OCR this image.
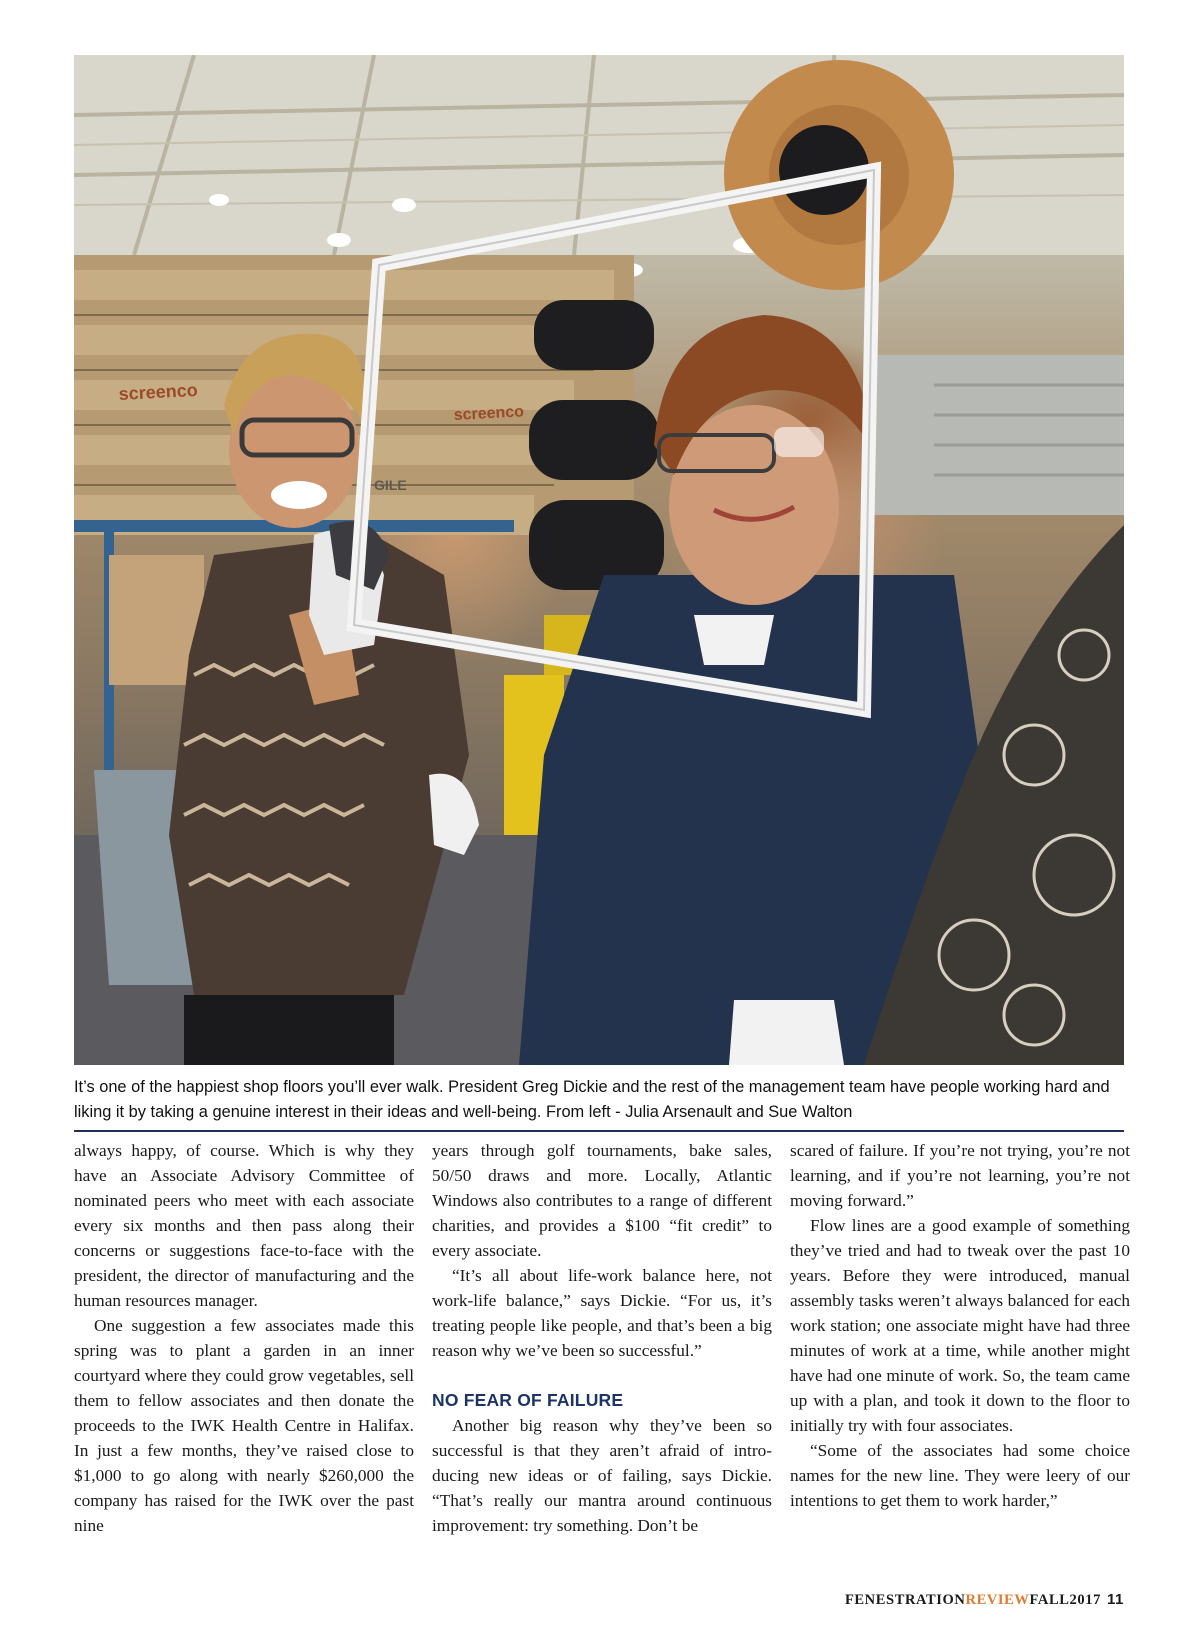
screenco
screenco
GILE

It’s one of the happiest shop floors you’ll ever walk. President Greg Dickie and the rest of the management team have people working hard and liking it by taking a genuine interest in their ideas and well-being. From left - Julia Arsenault and Sue Walton

always happy, of course. Which is why they have an Associate Advisory Committee of nominated peers who meet with each associate every six months and then pass along their concerns or suggestions face-to-face with the president, the director of manufacturing and the human resources manager.

One suggestion a few associates made this spring was to plant a garden in an inner courtyard where they could grow vegetables, sell them to fellow associates and then donate the proceeds to the IWK Health Centre in Halifax. In just a few months, they’ve raised close to $1,000 to go along with nearly $260,000 the company has raised for the IWK over the past nine

years through golf tournaments, bake sales, 50/50 draws and more. Locally, Atlantic Windows also contributes to a range of different charities, and provides a $100 “fit credit” to every associate.

“It’s all about life-work balance here, not work-life balance,” says Dickie. “For us, it’s treating people like people, and that’s been a big reason why we’ve been so successful.”

NO FEAR OF FAILURE

Another big reason why they’ve been so successful is that they aren’t afraid of introducing new ideas or of failing, says Dickie. “That’s really our mantra around continuous improvement: try something. Don’t be

scared of failure. If you’re not trying, you’re not learning, and if you’re not learning, you’re not moving forward.”

Flow lines are a good example of something they’ve tried and had to tweak over the past 10 years. Before they were introduced, manual assembly tasks weren’t always balanced for each work station; one associate might have had three minutes of work at a time, while another might have had one minute of work. So, the team came up with a plan, and took it down to the floor to initially try with four associates.

“Some of the associates had some choice names for the new line. They were leery of our intentions to get them to work harder,”

FENESTRATIONREVIEWFALL2017 11
